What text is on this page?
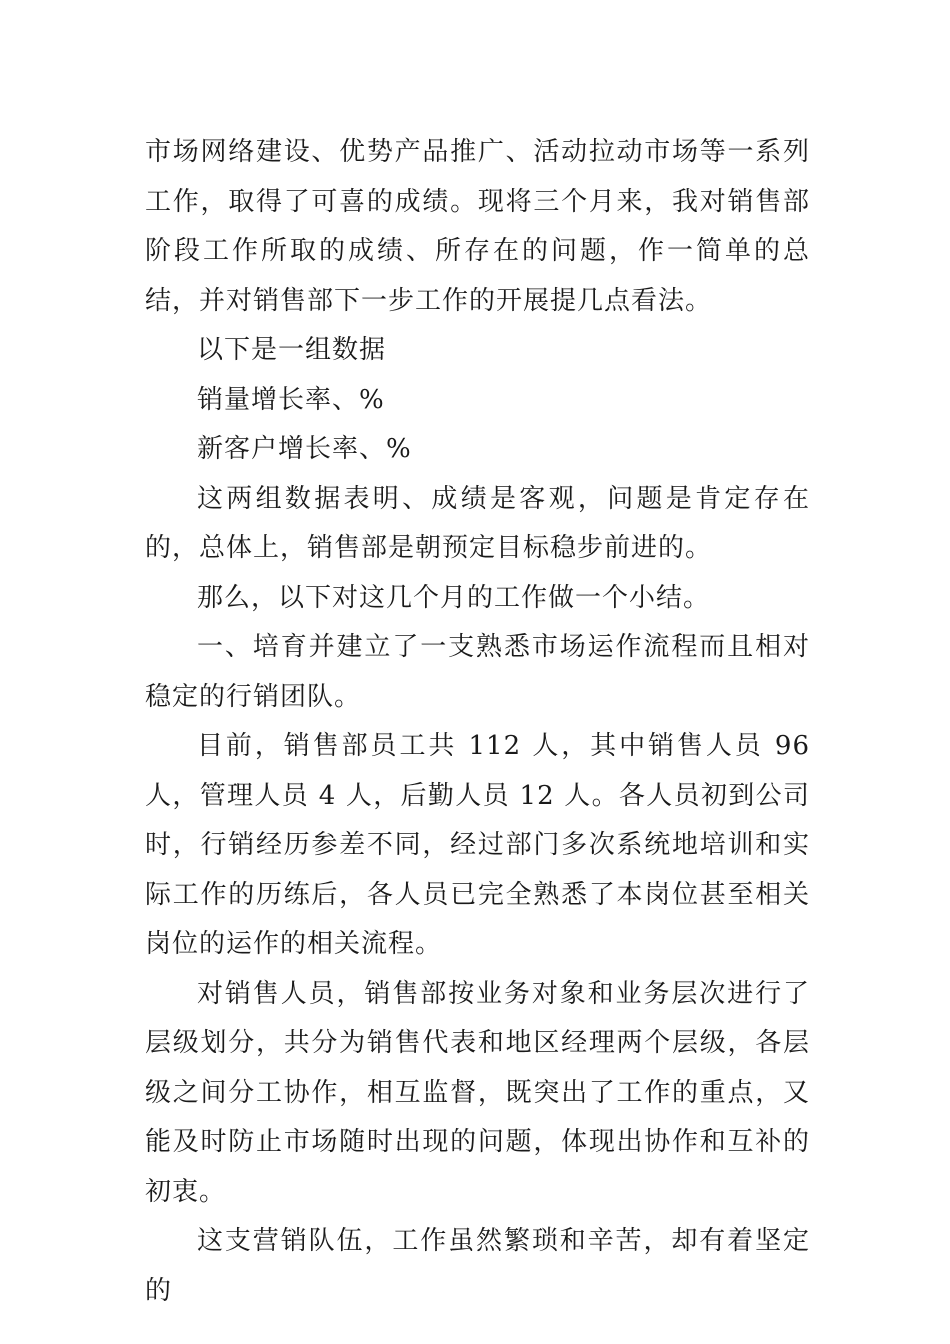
市场网络建设、优势产品推广、活动拉动市场等一系列工作，取得了可喜的成绩。现将三个月来，我对销售部阶段工作所取的成绩、所存在的问题，作一简单的总结，并对销售部下一步工作的开展提几点看法。

以下是一组数据

销量增长率、%

新客户增长率、%

这两组数据表明、成绩是客观，问题是肯定存在的，总体上，销售部是朝预定目标稳步前进的。

那么，以下对这几个月的工作做一个小结。

一、培育并建立了一支熟悉市场运作流程而且相对稳定的行销团队。

目前，销售部员工共 112 人，其中销售人员 96 人，管理人员 4 人，后勤人员 12 人。各人员初到公司时，行销经历参差不同，经过部门多次系统地培训和实际工作的历练后，各人员已完全熟悉了本岗位甚至相关岗位的运作的相关流程。

对销售人员，销售部按业务对象和业务层次进行了层级划分，共分为销售代表和地区经理两个层级，各层级之间分工协作，相互监督，既突出了工作的重点，又能及时防止市场随时出现的问题，体现出协作和互补的初衷。

这支营销队伍，工作虽然繁琐和辛苦，却有着坚定的
